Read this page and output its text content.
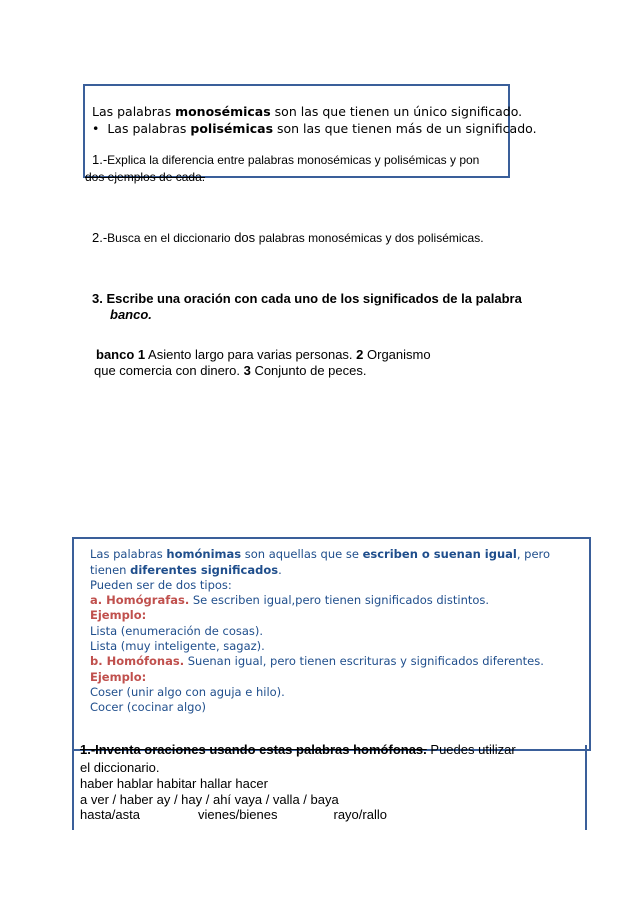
Las palabras monosémicas son las que tienen un único significado.
• Las palabras polisémicas son las que tienen más de un significado.
1.-Explica la diferencia entre palabras monosémicas y polisémicas y pon
dos ejemplos de cada.
2.-Busca en el diccionario dos palabras monosémicas y dos polisémicas.
3. Escribe una oración con cada uno de los significados de la palabra
banco.
banco 1 Asiento largo para varias personas. 2 Organismo
que comercia con dinero. 3 Conjunto de peces.
Las palabras homónimas son aquellas que se escriben o suenan igual, pero
tienen diferentes significados.
Pueden ser de dos tipos:
a. Homógrafas. Se escriben igual,pero tienen significados distintos.
Ejemplo:
Lista (enumeración de cosas).
Lista (muy inteligente, sagaz).
b. Homófonas. Suenan igual, pero tienen escrituras y significados diferentes.
Ejemplo:
Coser (unir algo con aguja e hilo).
Cocer (cocinar algo)
1.-Inventa oraciones usando estas palabras homófonas. Puedes utilizar
el diccionario.
haber hablar habitar hallar hacer
a ver / haber ay / hay / ahí vaya / valla / baya
hasta/asta	vienes/bienes	rayo/rallo
